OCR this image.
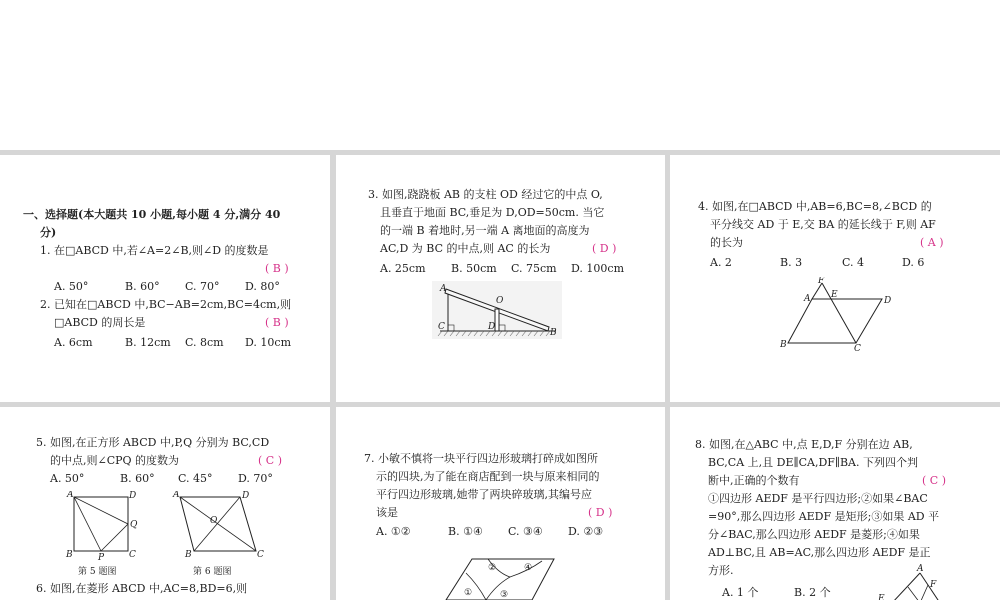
一、选择题(本大题共 10 小题,每小题 4 分,满分 40
分)
1. 在□ABCD 中,若∠A=2∠B,则∠D 的度数是
( B )
A. 50°	B. 60° C. 70° D. 80°
2. 已知在□ABCD 中,BC−AB=2cm,BC=4cm,则
□ABCD 的周长是	( B )
A. 6cm	B. 12cm C. 8cm D. 10cm
3. 如图,跷跷板 AB 的支柱 OD 经过它的中点 O,
且垂直于地面 BC,垂足为 D,OD=50cm. 当它
的一端 B 着地时,另一端 A 离地面的高度为
AC,D 为 BC 的中点,则 AC 的长为	( D )
A. 25cm B. 50cm C. 75cm D. 100cm
A
O
C	D
B
4. 如图,在□ABCD 中,AB=6,BC=8,∠BCD 的
平分线交 AD 于 E,交 BA 的延长线于 F,则 AF
的长为	( A )
A. 2	B. 3	C. 4	D. 6
F
A E
D
B	C
5. 如图,在正方形 ABCD 中,P,Q 分别为 BC,CD
的中点,则∠CPQ 的度数为	( C )
A. 50°	B. 60° C. 45° D. 70°
A	D
Q
B	P	C
第 5 题图
A	D
O
B	C
第 6 题图
6. 如图,在菱形 ABCD 中,AC=8,BD=6,则
7. 小敏不慎将一块平行四边形玻璃打碎成如图所
示的四块,为了能在商店配到一块与原来相同的
平行四边形玻璃,她带了两块碎玻璃,其编号应
该是	( D )
A. ①②	B. ①④ C. ③④ D. ②③
②	④
①	③
8. 如图,在△ABC 中,点 E,D,F 分别在边 AB,
BC,CA 上,且 DE∥CA,DF∥BA. 下列四个判
断中,正确的个数有	( C )
①四边形 AEDF 是平行四边形;②如果∠BAC
=90°,那么四边形 AEDF 是矩形;③如果 AD 平
分∠BAC,那么四边形 AEDF 是菱形;④如果
AD⊥BC,且 AB=AC,那么四边形 AEDF 是正
方形.
A. 1 个	B. 2 个
A
F
E
